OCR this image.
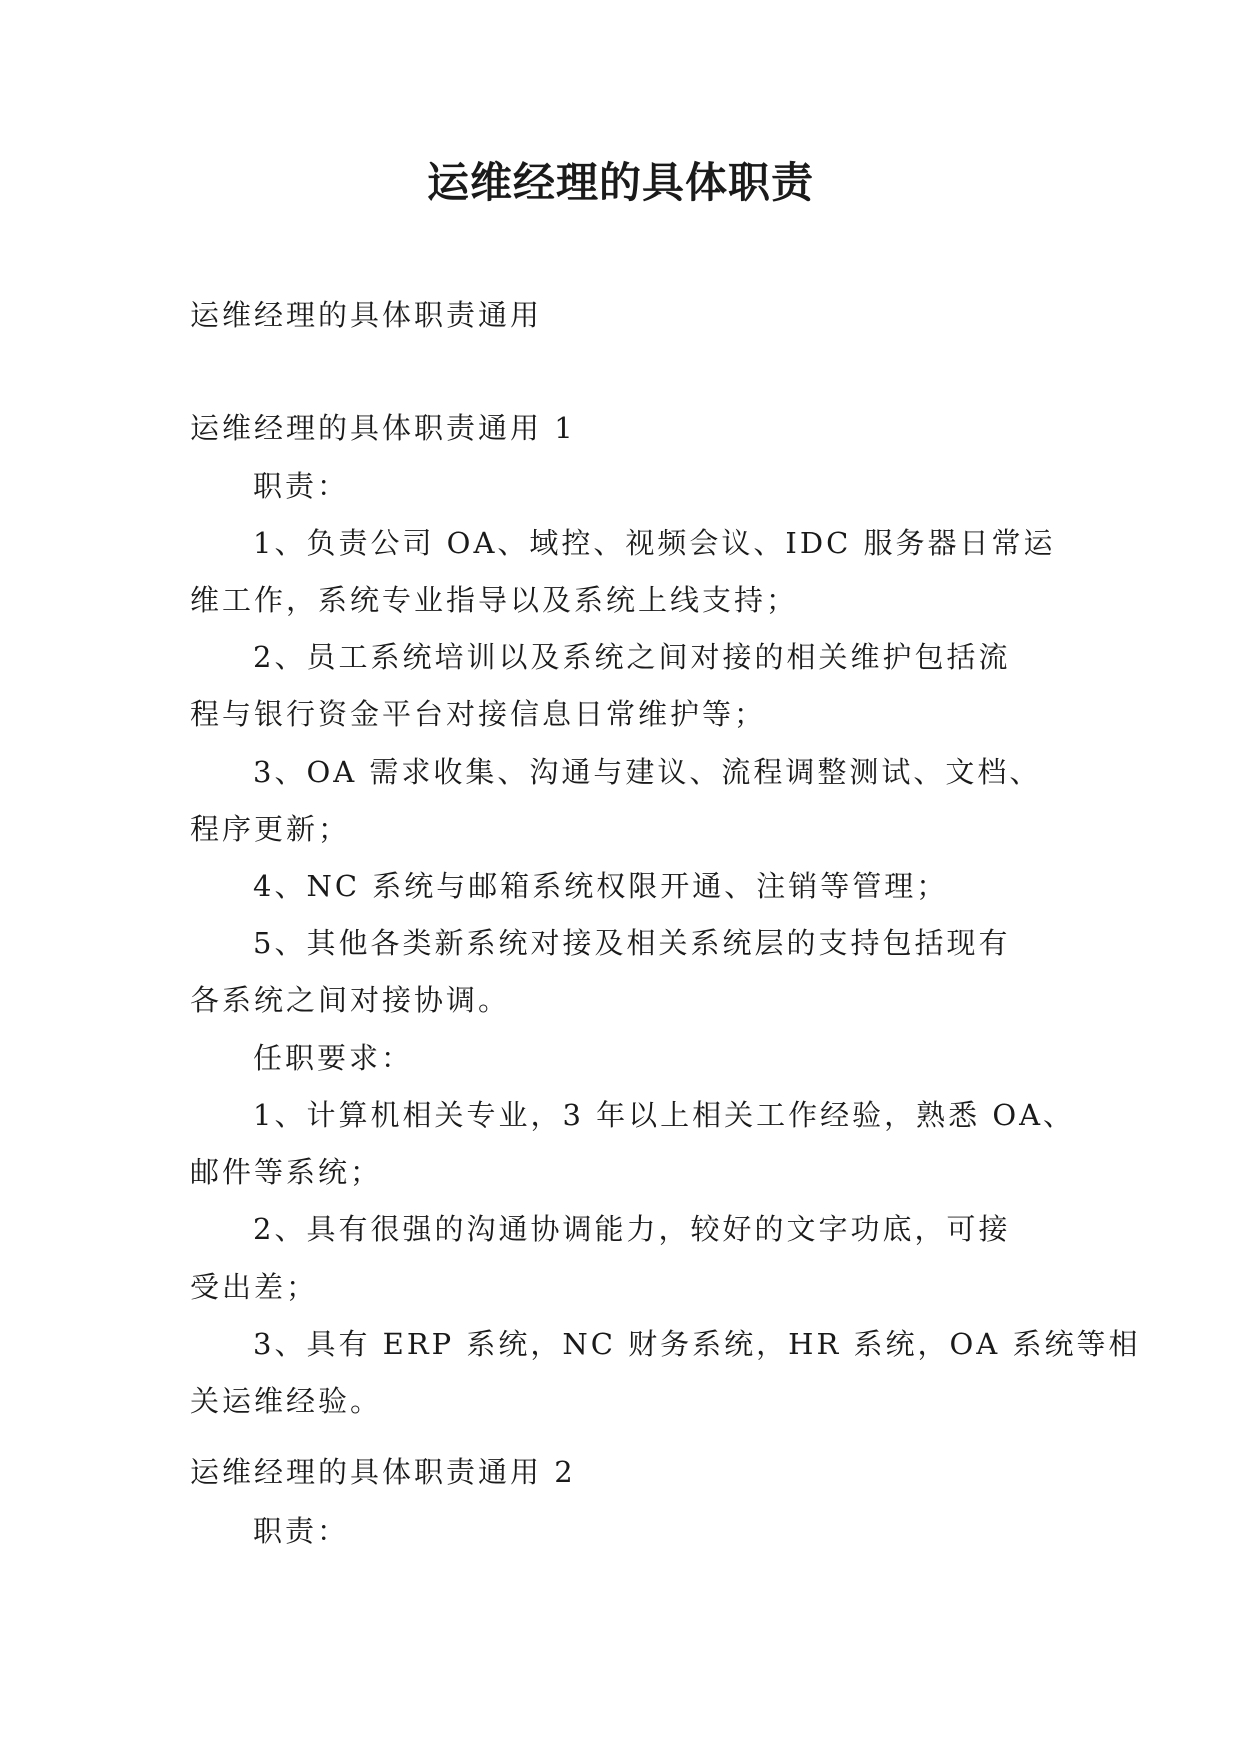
运维经理的具体职责
运维经理的具体职责通用
运维经理的具体职责通用 1
职责：
1、负责公司 OA、域控、视频会议、IDC 服务器日常运
维工作，系统专业指导以及系统上线支持；
2、员工系统培训以及系统之间对接的相关维护包括流
程与银行资金平台对接信息日常维护等；
3、OA 需求收集、沟通与建议、流程调整测试、文档、
程序更新；
4、NC 系统与邮箱系统权限开通、注销等管理；
5、其他各类新系统对接及相关系统层的支持包括现有
各系统之间对接协调。
任职要求：
1、计算机相关专业，3 年以上相关工作经验，熟悉 OA、
邮件等系统；
2、具有很强的沟通协调能力，较好的文字功底，可接
受出差；
3、具有 ERP 系统，NC 财务系统，HR 系统，OA 系统等相
关运维经验。
运维经理的具体职责通用 2
职责：
